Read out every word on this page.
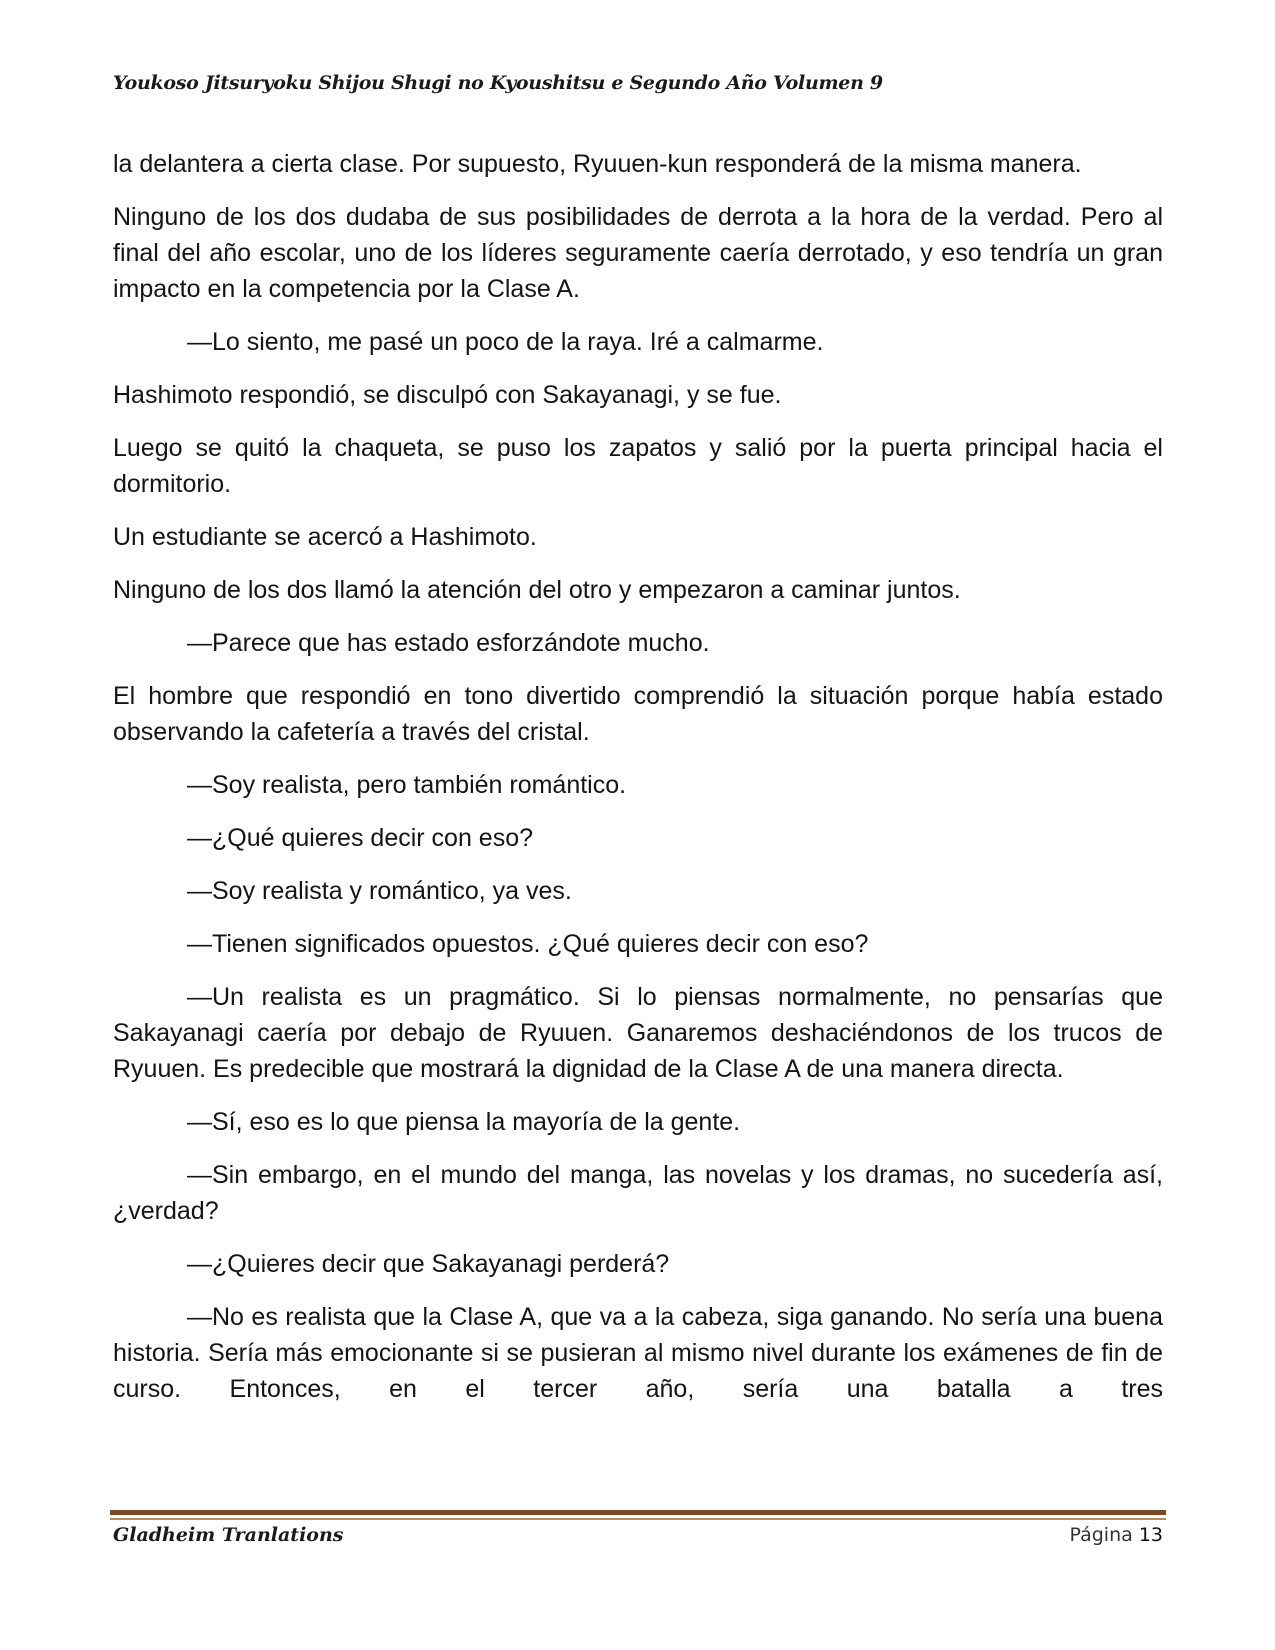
Youkoso Jitsuryoku Shijou Shugi no Kyoushitsu e Segundo Año Volumen 9

la delantera a cierta clase. Por supuesto, Ryuuen-kun responderá de la misma manera.

Ninguno de los dos dudaba de sus posibilidades de derrota a la hora de la verdad. Pero al final del año escolar, uno de los líderes seguramente caería derrotado, y eso tendría un gran impacto en la competencia por la Clase A.

—Lo siento, me pasé un poco de la raya. Iré a calmarme.

Hashimoto respondió, se disculpó con Sakayanagi, y se fue.

Luego se quitó la chaqueta, se puso los zapatos y salió por la puerta principal hacia el dormitorio.

Un estudiante se acercó a Hashimoto.

Ninguno de los dos llamó la atención del otro y empezaron a caminar juntos.

—Parece que has estado esforzándote mucho.

El hombre que respondió en tono divertido comprendió la situación porque había estado observando la cafetería a través del cristal.

—Soy realista, pero también romántico.

—¿Qué quieres decir con eso?

—Soy realista y romántico, ya ves.

—Tienen significados opuestos. ¿Qué quieres decir con eso?

—Un realista es un pragmático. Si lo piensas normalmente, no pensarías que Sakayanagi caería por debajo de Ryuuen. Ganaremos deshaciéndonos de los trucos de Ryuuen. Es predecible que mostrará la dignidad de la Clase A de una manera directa.

—Sí, eso es lo que piensa la mayoría de la gente.

—Sin embargo, en el mundo del manga, las novelas y los dramas, no sucedería así, ¿verdad?

—¿Quieres decir que Sakayanagi perderá?

—No es realista que la Clase A, que va a la cabeza, siga ganando. No sería una buena historia. Sería más emocionante si se pusieran al mismo nivel durante los exámenes de fin de curso. Entonces, en el tercer año, sería una batalla a tres

Gladheim Tranlations	Página 13
